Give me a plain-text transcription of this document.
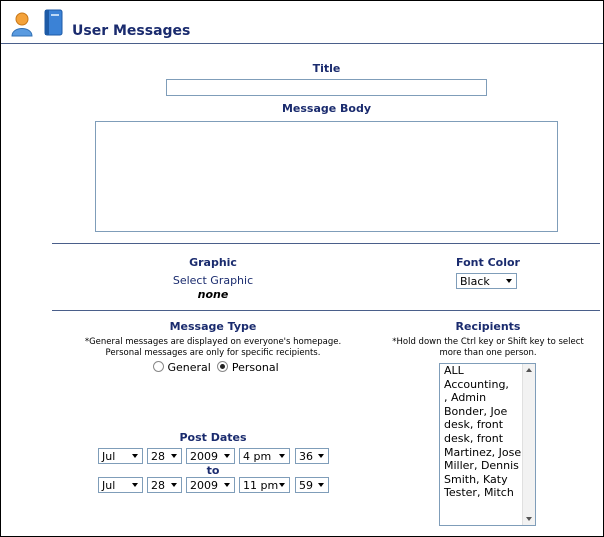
User Messages
Title
Message Body
Graphic
Select Graphic
none
Font Color
Black
Message Type
*General messages are displayed on everyone's homepage.
Personal messages are only for specific recipients.
General Personal
Recipients
*Hold down the Ctrl key or Shift key to select
more than one person.
ALL
Accounting,
, Admin
Bonder, Joe
desk, front
desk, front
Martinez, Jose
Miller, Dennis
Smith, Katy
Tester, Mitch
Post Dates
Jul	28	2009	4 pm	36
to
Jul	28	2009	11 pm	59
